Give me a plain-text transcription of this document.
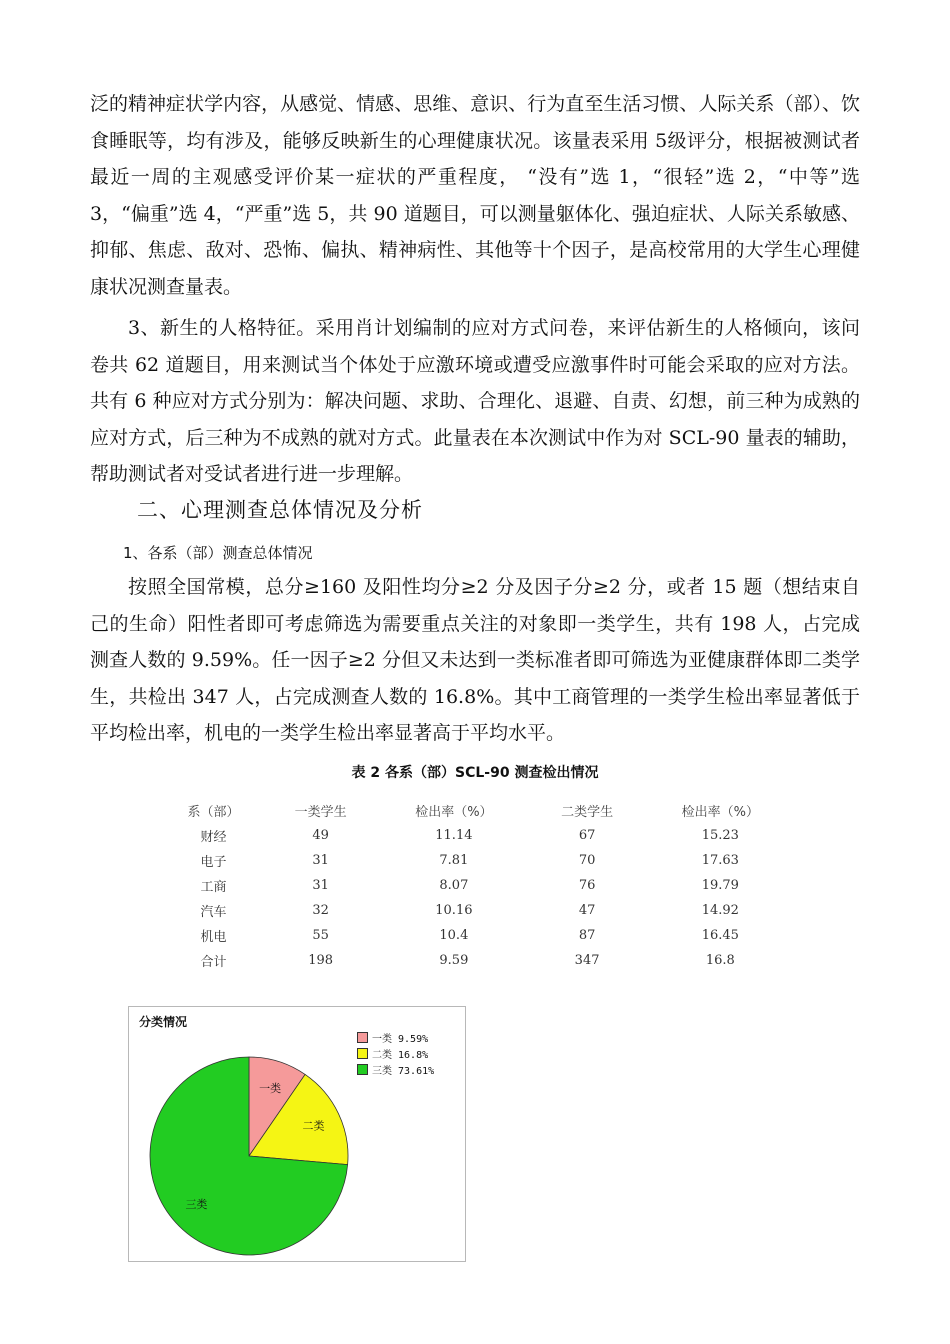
泛的精神症状学内容，从感觉、情感、思维、意识、行为直至生活习惯、人际关系（部）、饮食睡眠等，均有涉及，能够反映新生的心理健康状况。该量表采用 5级评分，根据被测试者最近一周的主观感受评价某一症状的严重程度， “没有”选 1，“很轻”选 2，“中等”选 3，“偏重”选 4，“严重”选 5，共 90 道题目，可以测量躯体化、强迫症状、人际关系敏感、抑郁、焦虑、敌对、恐怖、偏执、精神病性、其他等十个因子，是高校常用的大学生心理健康状况测查量表。

3、新生的人格特征。采用肖计划编制的应对方式问卷，来评估新生的人格倾向，该问卷共 62 道题目，用来测试当个体处于应激环境或遭受应激事件时可能会采取的应对方法。共有 6 种应对方式分别为：解决问题、求助、合理化、退避、自责、幻想，前三种为成熟的应对方式，后三种为不成熟的就对方式。此量表在本次测试中作为对 SCL-90 量表的辅助，帮助测试者对受试者进行进一步理解。

二、心理测查总体情况及分析
1、各系（部）测查总体情况

按照全国常模，总分≥160 及阳性均分≥2 分及因子分≥2 分，或者 15 题（想结束自己的生命）阳性者即可考虑筛选为需要重点关注的对象即一类学生，共有 198 人，占完成测查人数的 9.59%。任一因子≥2 分但又未达到一类标准者即可筛选为亚健康群体即二类学生，共检出 347 人，占完成测查人数的 16.8%。其中工商管理的一类学生检出率显著低于平均检出率，机电的一类学生检出率显著高于平均水平。

表 2 各系（部）SCL-90 测查检出情况

系（部）	一类学生	检出率（%）	二类学生	检出率（%）
财经	49	11.14	67	15.23
电子	31	7.81	70	17.63
工商	31	8.07	76	19.79
汽车	32	10.16	47	14.92
机电	55	10.4	87	16.45
合计	198	9.59	347	16.8
一类
二类
三类

分类情况

一类 9.59%
二类 16.8%
三类 73.61%
